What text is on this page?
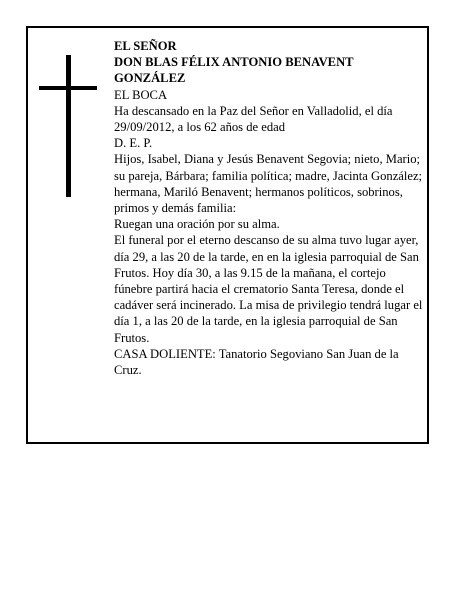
EL SEÑOR

DON BLAS FÉLIX ANTONIO BENAVENT GONZÁLEZ

EL BOCA

Ha descansado en la Paz del Señor en Valladolid, el día 29/09/2012, a los 62 años de edad

D. E. P.

Hijos, Isabel, Diana y Jesús Benavent Segovia; nieto, Mario; su pareja, Bárbara; familia política; madre, Jacinta González; hermana, Mariló Benavent; hermanos políticos, sobrinos, primos y demás familia:

Ruegan una oración por su alma.

El funeral por el eterno descanso de su alma tuvo lugar ayer, día 29, a las 20 de la tarde, en en la iglesia parroquial de San Frutos. Hoy día 30, a las 9.15 de la mañana, el cortejo fúnebre partirá hacia el crematorio Santa Teresa, donde el cadáver será incinerado. La misa de privilegio tendrá lugar el día 1, a las 20 de la tarde, en la iglesia parroquial de San Frutos.

CASA DOLIENTE: Tanatorio Segoviano San Juan de la Cruz.
